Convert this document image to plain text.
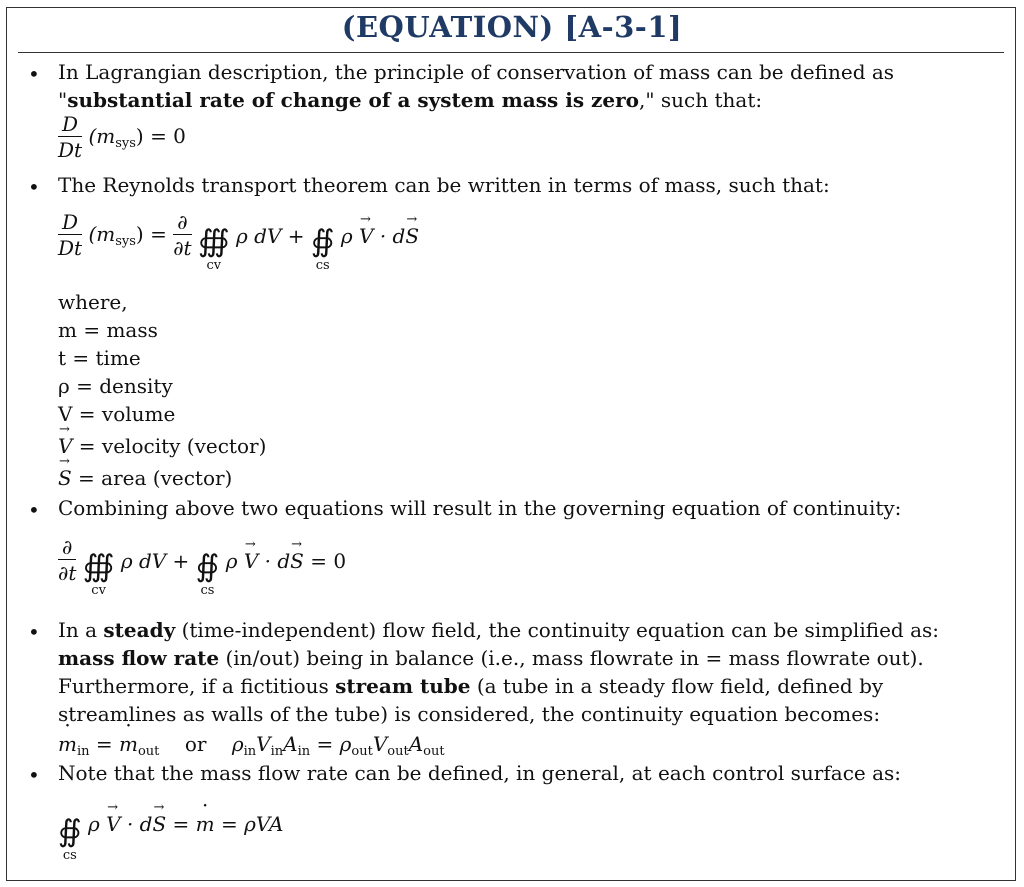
(EQUATION) [A-3-1]
• In Lagrangian description, the principle of conservation of mass can be defined as
"substantial rate of change of a system mass is zero," such that:
$\frac{D}{Dt} (m_{sys}) = 0$
• The Reynolds transport theorem can be written in terms of mass, such that:
$\frac{D}{Dt} (m_{sys}) = \frac{\partial}{\partial t}$
∰
cv
ρ dV + ∯
cs
ρ → V · d→ S
where,
m = mass
t = time
ρ = density
V = volume
→ V = velocity (vector)
→ S = area (vector)
• Combining above two equations will result in the governing equation of continuity:
$\frac{\partial}{\partial t}$
∰
cv
ρ dV + ∯
cs
ρ → V · d→ S = 0
• In a steady (time-independent) flow field, the continuity equation can be simplified as:
mass flow rate (in/out) being in balance (i.e., mass flowrate in = mass flowrate out).
Furthermore, if a fictitious stream tube (a tube in a steady flow field, defined by
streamlines as walls of the tube) is considered, the continuity equation becomes:
˙ $m_{in}$ = ˙ $m_{out}$ or $\rho_{in}V_{in}A_{in} = \rho_{out}V_{out}A_{out}$
• Note that the mass flow rate can be defined, in general, at each control surface as:
∯
cs
ρ → V · d→ S = ˙ m = ρVA
